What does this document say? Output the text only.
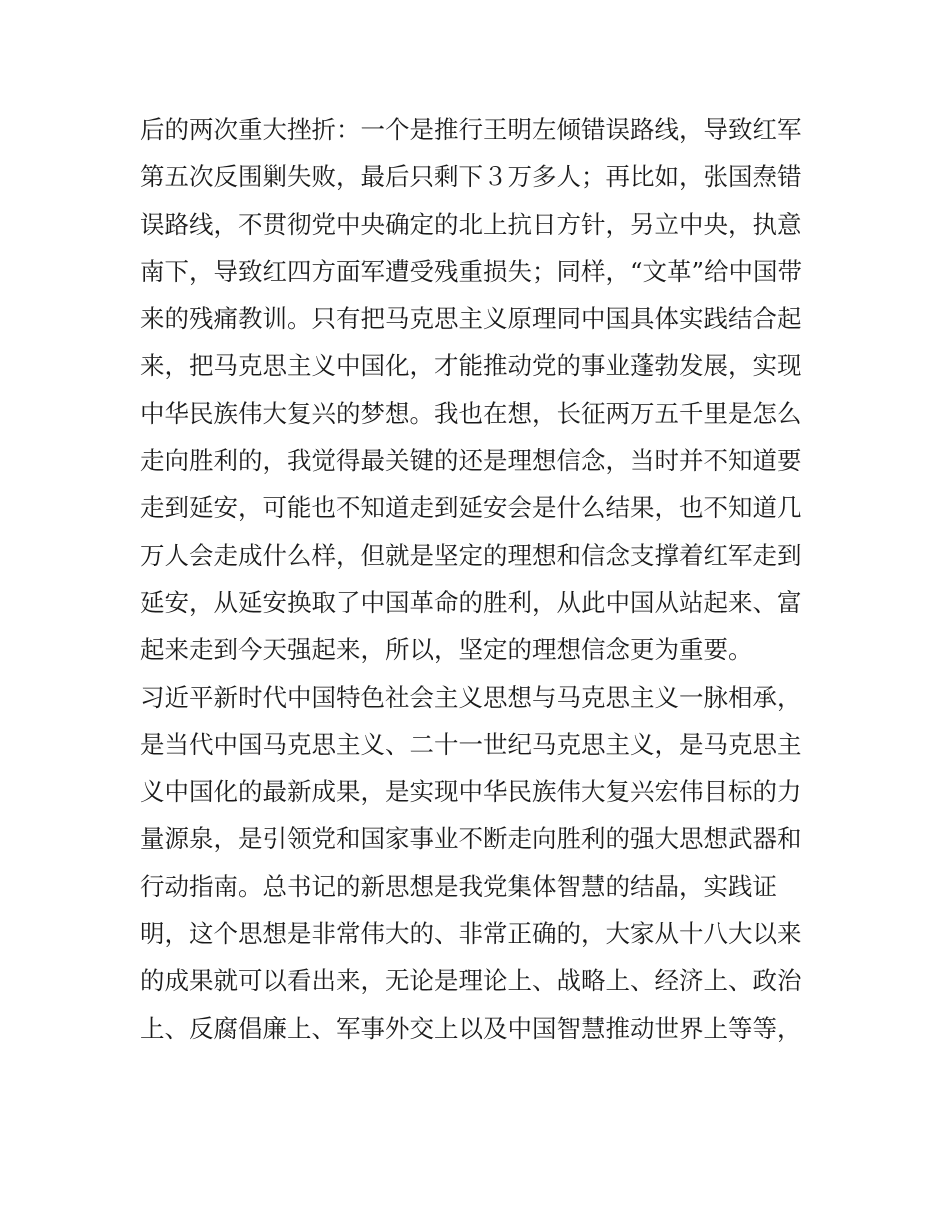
后的两次重大挫折：一个是推行王明左倾错误路线，导致红军
第五次反围剿失败，最后只剩下３万多人；再比如，张国焘错
误路线，不贯彻党中央确定的北上抗日方针，另立中央，执意
南下，导致红四方面军遭受残重损失；同样，“文革”给中国带
来的残痛教训。只有把马克思主义原理同中国具体实践结合起
来，把马克思主义中国化，才能推动党的事业蓬勃发展，实现
中华民族伟大复兴的梦想。我也在想，长征两万五千里是怎么
走向胜利的，我觉得最关键的还是理想信念，当时并不知道要
走到延安，可能也不知道走到延安会是什么结果，也不知道几
万人会走成什么样，但就是坚定的理想和信念支撑着红军走到
延安，从延安换取了中国革命的胜利，从此中国从站起来、富
起来走到今天强起来，所以，坚定的理想信念更为重要。
习近平新时代中国特色社会主义思想与马克思主义一脉相承，
是当代中国马克思主义、二十一世纪马克思主义，是马克思主
义中国化的最新成果，是实现中华民族伟大复兴宏伟目标的力
量源泉，是引领党和国家事业不断走向胜利的强大思想武器和
行动指南。总书记的新思想是我党集体智慧的结晶，实践证
明，这个思想是非常伟大的、非常正确的，大家从十八大以来
的成果就可以看出来，无论是理论上、战略上、经济上、政治
上、反腐倡廉上、军事外交上以及中国智慧推动世界上等等，
